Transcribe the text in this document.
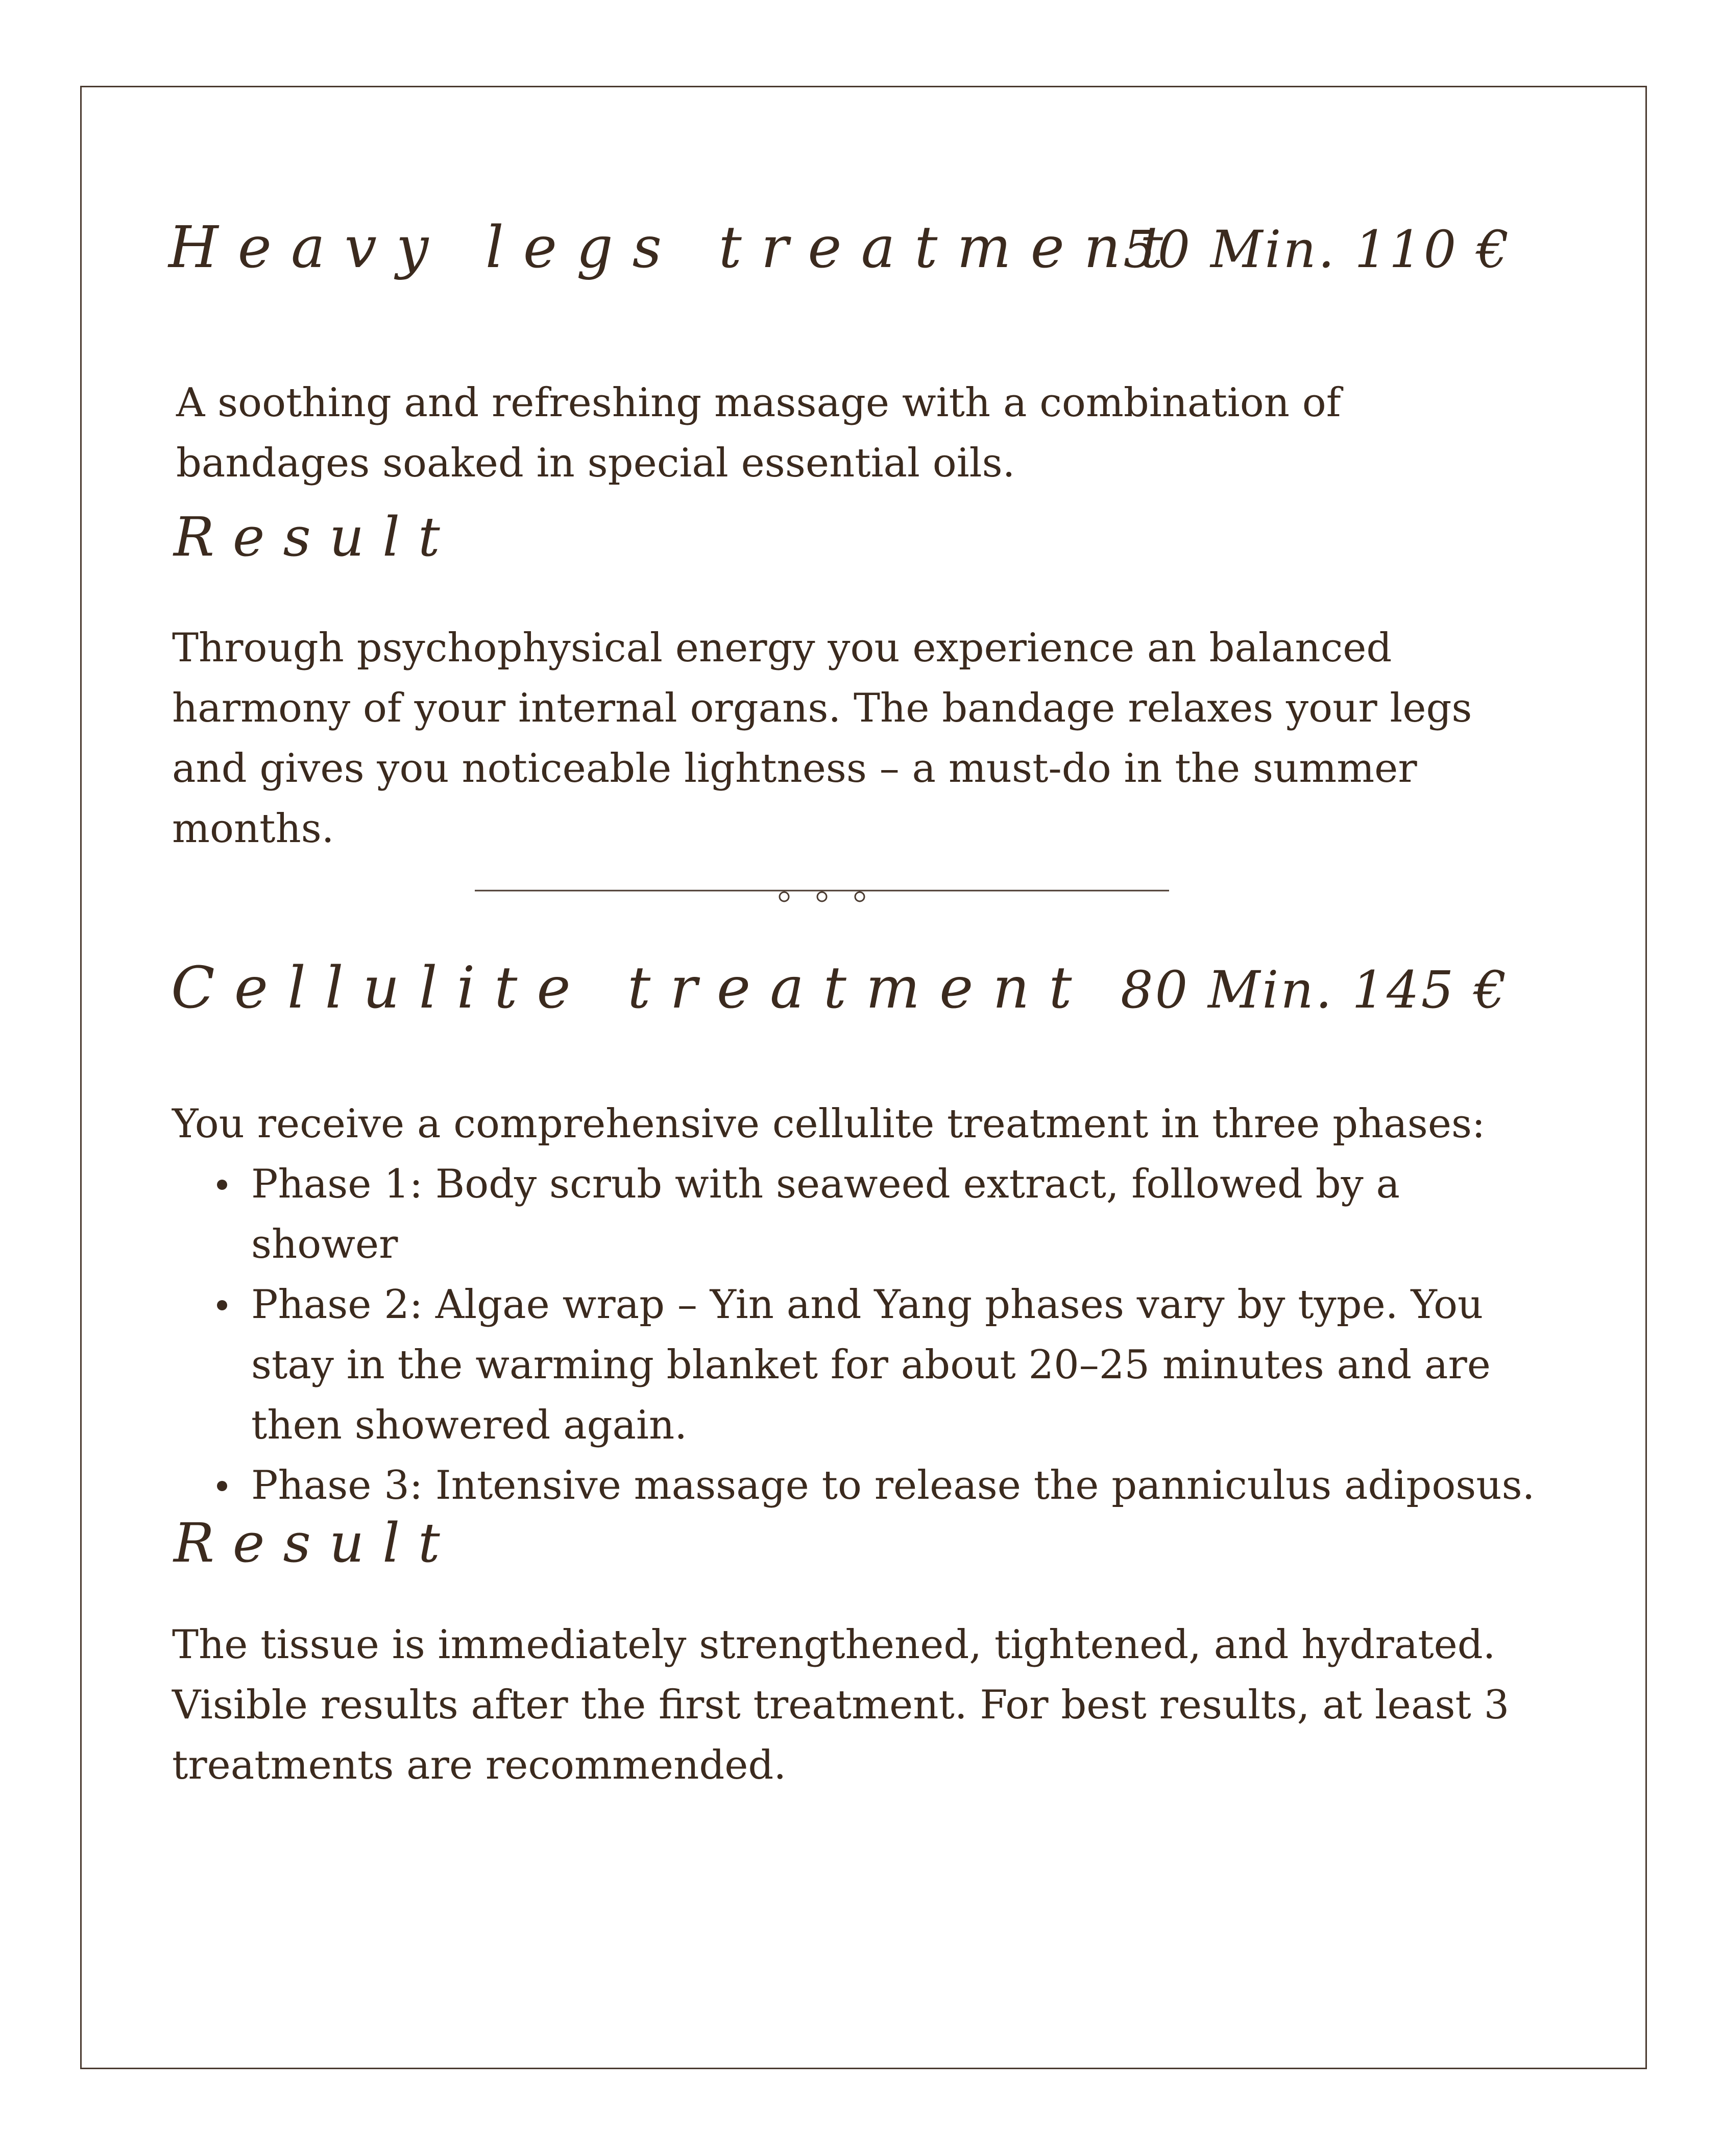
Heavy legs treatment
50 Min. 110 €

A soothing and refreshing massage with a combination of bandages soaked in special essential oils.

Result

Through psychophysical energy you experience an balanced harmony of your internal organs. The bandage relaxes your legs and gives you noticeable lightness – a must-do in the summer months.

Cellulite treatment 80 Min. 145 €

You receive a comprehensive cellulite treatment in three phases:

Phase 1: Body scrub with seaweed extract, followed by a shower
Phase 2: Algae wrap – Yin and Yang phases vary by type. You stay in the warming blanket for about 20–25 minutes and are then showered again.
Phase 3: Intensive massage to release the panniculus adiposus.
Result

The tissue is immediately strengthened, tightened, and hydrated. Visible results after the first treatment. For best results, at least 3 treatments are recommended.
